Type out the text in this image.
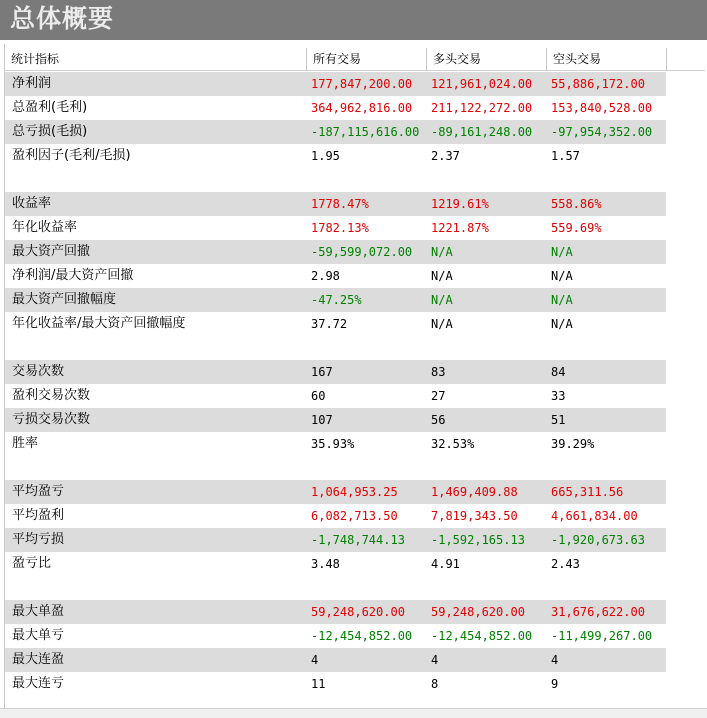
总体概要
统计指标	所有交易	多头交易	空头交易
净利润	177,847,200.00 121,961,024.00 55,886,172.00
总盈利(毛利)	364,962,816.00 211,122,272.00 153,840,528.00
总亏损(毛损)	-187,115,616.00 -89,161,248.00 -97,954,352.00
盈利因子(毛利/毛损)	1.95	2.37	1.57
收益率	1778.47%	1219.61%	558.86%
年化收益率	1782.13%	1221.87%	559.69%
最大资产回撤	-59,599,072.00 N/A	N/A
净利润/最大资产回撤	2.98	N/A	N/A
最大资产回撤幅度	-47.25%	N/A	N/A
年化收益率/最大资产回撤幅度	37.72	N/A	N/A
交易次数	167	83	84
盈利交易次数	60	27	33
亏损交易次数	107	56	51
胜率	35.93%	32.53%	39.29%
平均盈亏	1,064,953.25	1,469,409.88	665,311.56
平均盈利	6,082,713.50	7,819,343.50	4,661,834.00
平均亏损	-1,748,744.13 -1,592,165.13 -1,920,673.63
盈亏比	3.48	4.91	2.43
最大单盈	59,248,620.00 59,248,620.00 31,676,622.00
最大单亏	-12,454,852.00 -12,454,852.00 -11,499,267.00
最大连盈	4	4	4
最大连亏	11	8	9
